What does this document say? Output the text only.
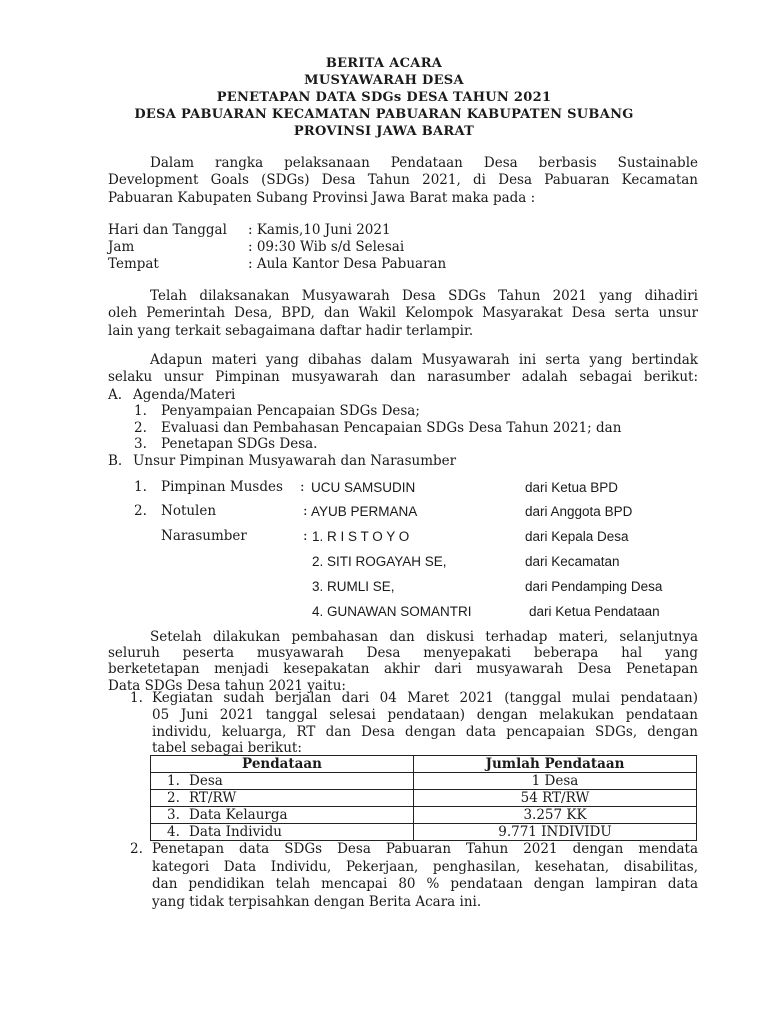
BERITA ACARA
MUSYAWARAH DESA
PENETAPAN DATA SDGs DESA TAHUN 2021
DESA PABUARAN KECAMATAN PABUARAN KABUPATEN SUBANG
PROVINSI JAWA BARAT
Dalam rangka pelaksanaan Pendataan Desa berbasis Sustainable
Development Goals (SDGs) Desa Tahun 2021, di Desa Pabuaran Kecamatan
Pabuaran Kabupaten Subang Provinsi Jawa Barat maka pada :
Hari dan Tanggal : Kamis,10 Juni 2021
Jam	: 09:30 Wib s/d Selesai
Tempat	: Aula Kantor Desa Pabuaran
Telah dilaksanakan Musyawarah Desa SDGs Tahun 2021 yang dihadiri
oleh Pemerintah Desa, BPD, dan Wakil Kelompok Masyarakat Desa serta unsur
lain yang terkait sebagaimana daftar hadir terlampir.
Adapun materi yang dibahas dalam Musyawarah ini serta yang bertindak
selaku unsur Pimpinan musyawarah dan narasumber adalah sebagai berikut:
A. Agenda/Materi
1. Penyampaian Pencapaian SDGs Desa;
2. Evaluasi dan Pembahasan Pencapaian SDGs Desa Tahun 2021; dan
3. Penetapan SDGs Desa.
B. Unsur Pimpinan Musyawarah dan Narasumber
1. Pimpinan Musdes : UCU SAMSUDIN	dari Ketua BPD
2. Notulen	: AYUB PERMANA	dari Anggota BPD
Narasumber	: 1. R I S T O Y O	dari Kepala Desa
2. SITI ROGAYAH SE,	dari Kecamatan
3. RUMLI SE,	dari Pendamping Desa
4. GUNAWAN SOMANTRI	dari Ketua Pendataan
Setelah dilakukan pembahasan dan diskusi terhadap materi, selanjutnya
seluruh peserta musyawarah Desa menyepakati beberapa hal yang
berketetapan menjadi kesepakatan akhir dari musyawarah Desa Penetapan
Data SDGs Desa tahun 2021 yaitu:
1. Kegiatan sudah berjalan dari 04 Maret 2021 (tanggal mulai pendataan)
05 Juni 2021 tanggal selesai pendataan) dengan melakukan pendataan
individu, keluarga, RT dan Desa dengan data pencapaian SDGs, dengan
tabel sebagai berikut:
Pendataan	Jumlah Pendataan
1. Desa	1 Desa
2. RT/RW	54 RT/RW
3. Data Kelaurga	3.257 KK
4. Data Individu	9.771 INDIVIDU
2. Penetapan data SDGs Desa Pabuaran Tahun 2021 dengan mendata
kategori Data Individu, Pekerjaan, penghasilan, kesehatan, disabilitas,
dan pendidikan telah mencapai 80 % pendataan dengan lampiran data
yang tidak terpisahkan dengan Berita Acara ini.
